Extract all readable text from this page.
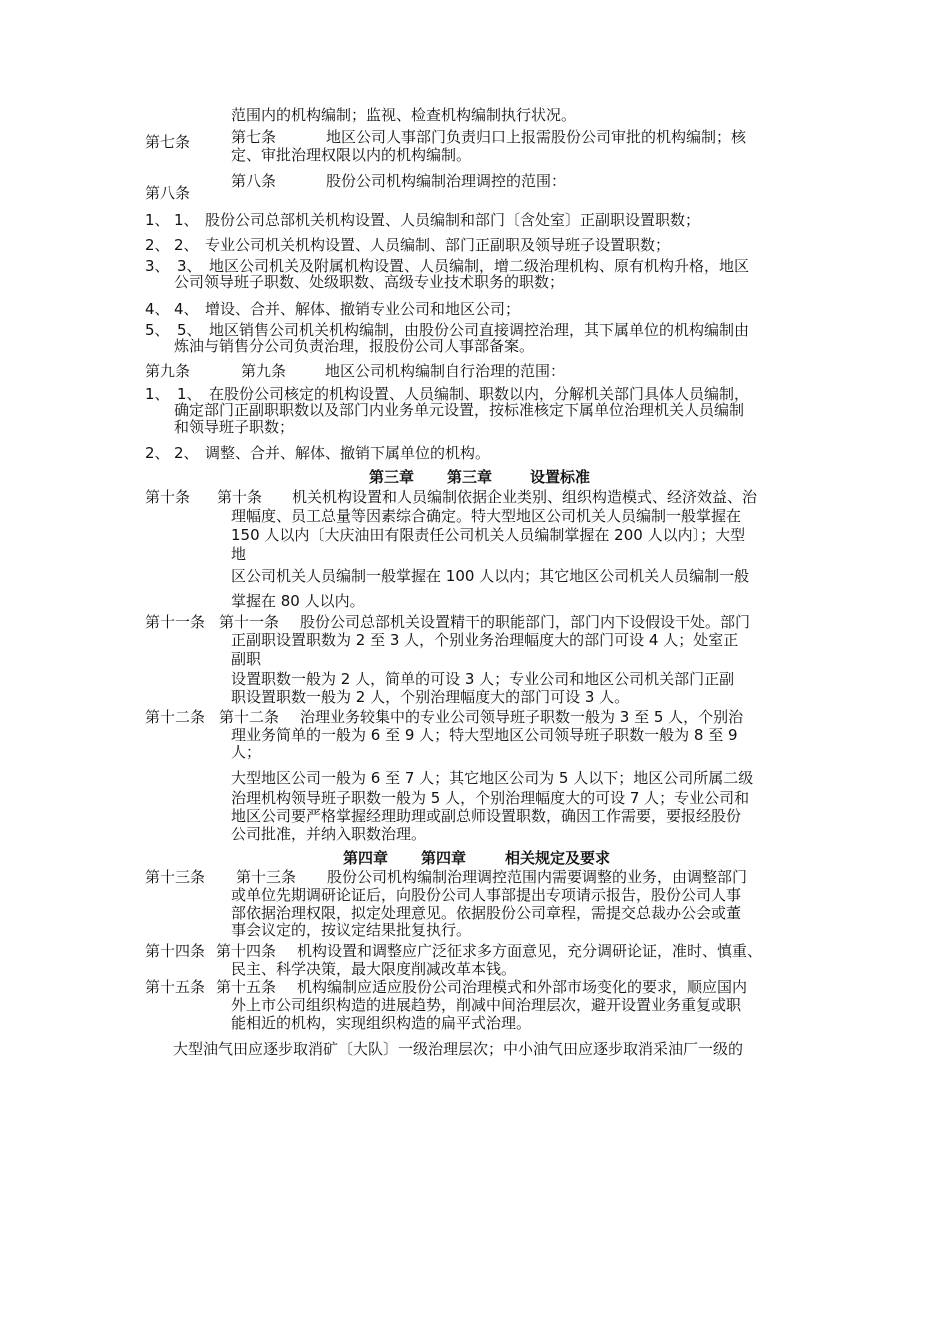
范围内的机构编制；监视、检查机构编制执行状况。
第七条	第七条	地区公司人事部门负责归口上报需股份公司审批的机构编制；核
定、审批治理权限以内的机构编制。
第八条
第八条	股份公司机构编制治理调控的范围：
1、 1、 股份公司总部机关机构设置、人员编制和部门〔含处室〕正副职设置职数；
2、 2、 专业公司机关机构设置、人员编制、部门正副职及领导班子设置职数；
3、 3、 地区公司机关及附属机构设置、人员编制，增二级治理机构、原有机构升格，地区
公司领导班子职数、处级职数、高级专业技术职务的职数；
4、 4、 增设、合并、解体、撤销专业公司和地区公司；
5、 5、 地区销售公司机关机构编制，由股份公司直接调控治理，其下属单位的机构编制由
炼油与销售分公司负责治理，报股份公司人事部备案。
第九条	第九条	地区公司机构编制自行治理的范围：
1、 1、 在股份公司核定的机构设置、人员编制、职数以内，分解机关部门具体人员编制，
确定部门正副职职数以及部门内业务单元设置，按标准核定下属单位治理机关人员编制
和领导班子职数；
2、 2、 调整、合并、解体、撤销下属单位的机构。
第三章 第三章	设置标准
第十条 第十条 机关机构设置和人员编制依据企业类别、组织构造模式、经济效益、治
理幅度、员工总量等因素综合确定。特大型地区公司机关人员编制一般掌握在
150 人以内〔大庆油田有限责任公司机关人员编制掌握在 200 人以内〕；大型
地
区公司机关人员编制一般掌握在 100 人以内；其它地区公司机关人员编制一般
掌握在 80 人以内。
第十一条 第十一条 股份公司总部机关设置精干的职能部门，部门内下设假设干处。部门
正副职设置职数为 2 至 3 人，个别业务治理幅度大的部门可设 4 人；处室正
副职
设置职数一般为 2 人，简单的可设 3 人；专业公司和地区公司机关部门正副
职设置职数一般为 2 人，个别治理幅度大的部门可设 3 人。
第十二条 第十二条 治理业务较集中的专业公司领导班子职数一般为 3 至 5 人，个别治
理业务简单的一般为 6 至 9 人；特大型地区公司领导班子职数一般为 8 至 9
人；
大型地区公司一般为 6 至 7 人；其它地区公司为 5 人以下；地区公司所属二级
治理机构领导班子职数一般为 5 人，个别治理幅度大的可设 7 人；专业公司和
地区公司要严格掌握经理助理或副总师设置职数，确因工作需要，要报经股份
公司批准，并纳入职数治理。
第四章 第四章	相关规定及要求
第十三条 第十三条 股份公司机构编制治理调控范围内需要调整的业务，由调整部门
或单位先期调研论证后，向股份公司人事部提出专项请示报告，股份公司人事
部依据治理权限，拟定处理意见。依据股份公司章程，需提交总裁办公会或董
事会议定的，按议定结果批复执行。
第十四条 第十四条 机构设置和调整应广泛征求多方面意见，充分调研论证，准时、慎重、
民主、科学决策，最大限度削减改革本钱。
第十五条 第十五条 机构编制应适应股份公司治理模式和外部市场变化的要求，顺应国内
外上市公司组织构造的进展趋势，削减中间治理层次，避开设置业务重复或职
能相近的机构，实现组织构造的扁平式治理。
大型油气田应逐步取消矿〔大队〕一级治理层次；中小油气田应逐步取消采油厂一级的
